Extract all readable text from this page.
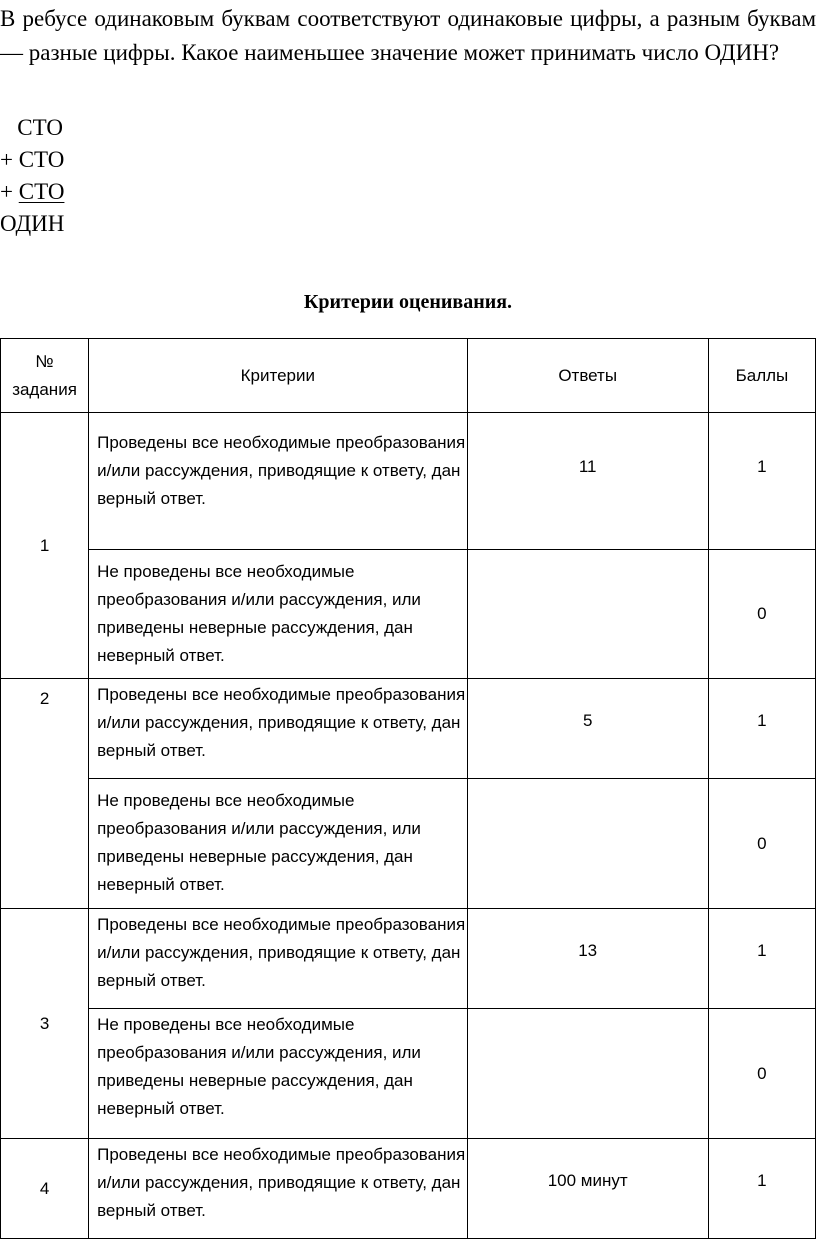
В ребусе одинаковым буквам соответствуют одинаковые цифры, а разным буквам — разные цифры. Какое наименьшее значение может принимать число ОДИН?

СТО
+ СТО
+ СТО
ОДИН
Критерии оценивания.
№ задания	Критерии	Ответы	Баллы
1	Проведены все необходимые преобразования и/или рассуждения, приводящие к ответу, дан верный ответ.	11	1
	Не проведены все необходимые преобразования и/или рассуждения, или приведены неверные рассуждения, дан неверный ответ.		0
2	Проведены все необходимые преобразования и/или рассуждения, приводящие к ответу, дан верный ответ.	5	1
	Не проведены все необходимые преобразования и/или рассуждения, или приведены неверные рассуждения, дан неверный ответ.		0
3	Проведены все необходимые преобразования и/или рассуждения, приводящие к ответу, дан верный ответ.	13	1
	Не проведены все необходимые преобразования и/или рассуждения, или приведены неверные рассуждения, дан неверный ответ.		0
4	Проведены все необходимые преобразования и/или рассуждения, приводящие к ответу, дан верный ответ.	100 минут	1
